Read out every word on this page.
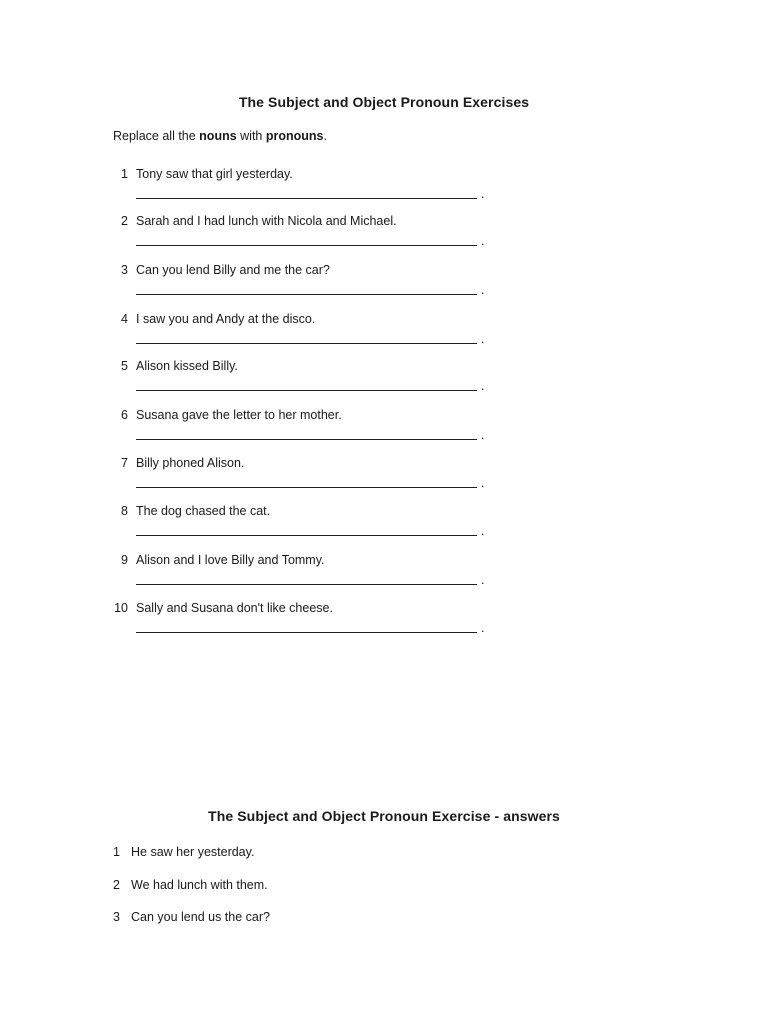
The Subject and Object Pronoun Exercises
Replace all the nouns with pronouns.
1 Tony saw that girl yesterday.
.
2 Sarah and I had lunch with Nicola and Michael.
.
3 Can you lend Billy and me the car?
.
4 I saw you and Andy at the disco.
.
5 Alison kissed Billy.
.
6 Susana gave the letter to her mother.
.
7 Billy phoned Alison.
.
8 The dog chased the cat.
.
9 Alison and I love Billy and Tommy.
.
10 Sally and Susana don't like cheese.
.
The Subject and Object Pronoun Exercise - answers
1 He saw her yesterday.
2 We had lunch with them.
3 Can you lend us the car?
